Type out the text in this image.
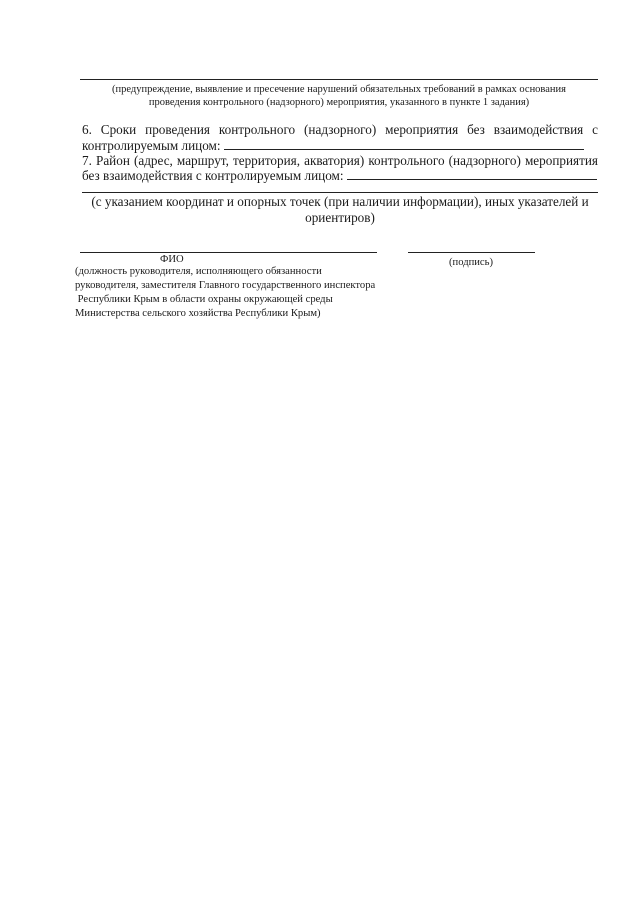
(предупреждение, выявление и пресечение нарушений обязательных требований в рамках основания
проведения контрольного (надзорного) мероприятия, указанного в пункте 1 задания)
6. Сроки проведения контрольного (надзорного) мероприятия без взаимодействия с
контролируемым лицом:
7. Район (адрес, маршрут, территория, акватория) контрольного (надзорного) мероприятия
без взаимодействия с контролируемым лицом:
(с указанием координат и опорных точек (при наличии информации), иных указателей и
ориентиров)
ФИО	(подпись)
(должность руководителя, исполняющего обязанности
руководителя, заместителя Главного государственного инспектора
Республики Крым в области охраны окружающей среды
Министерства сельского хозяйства Республики Крым)
